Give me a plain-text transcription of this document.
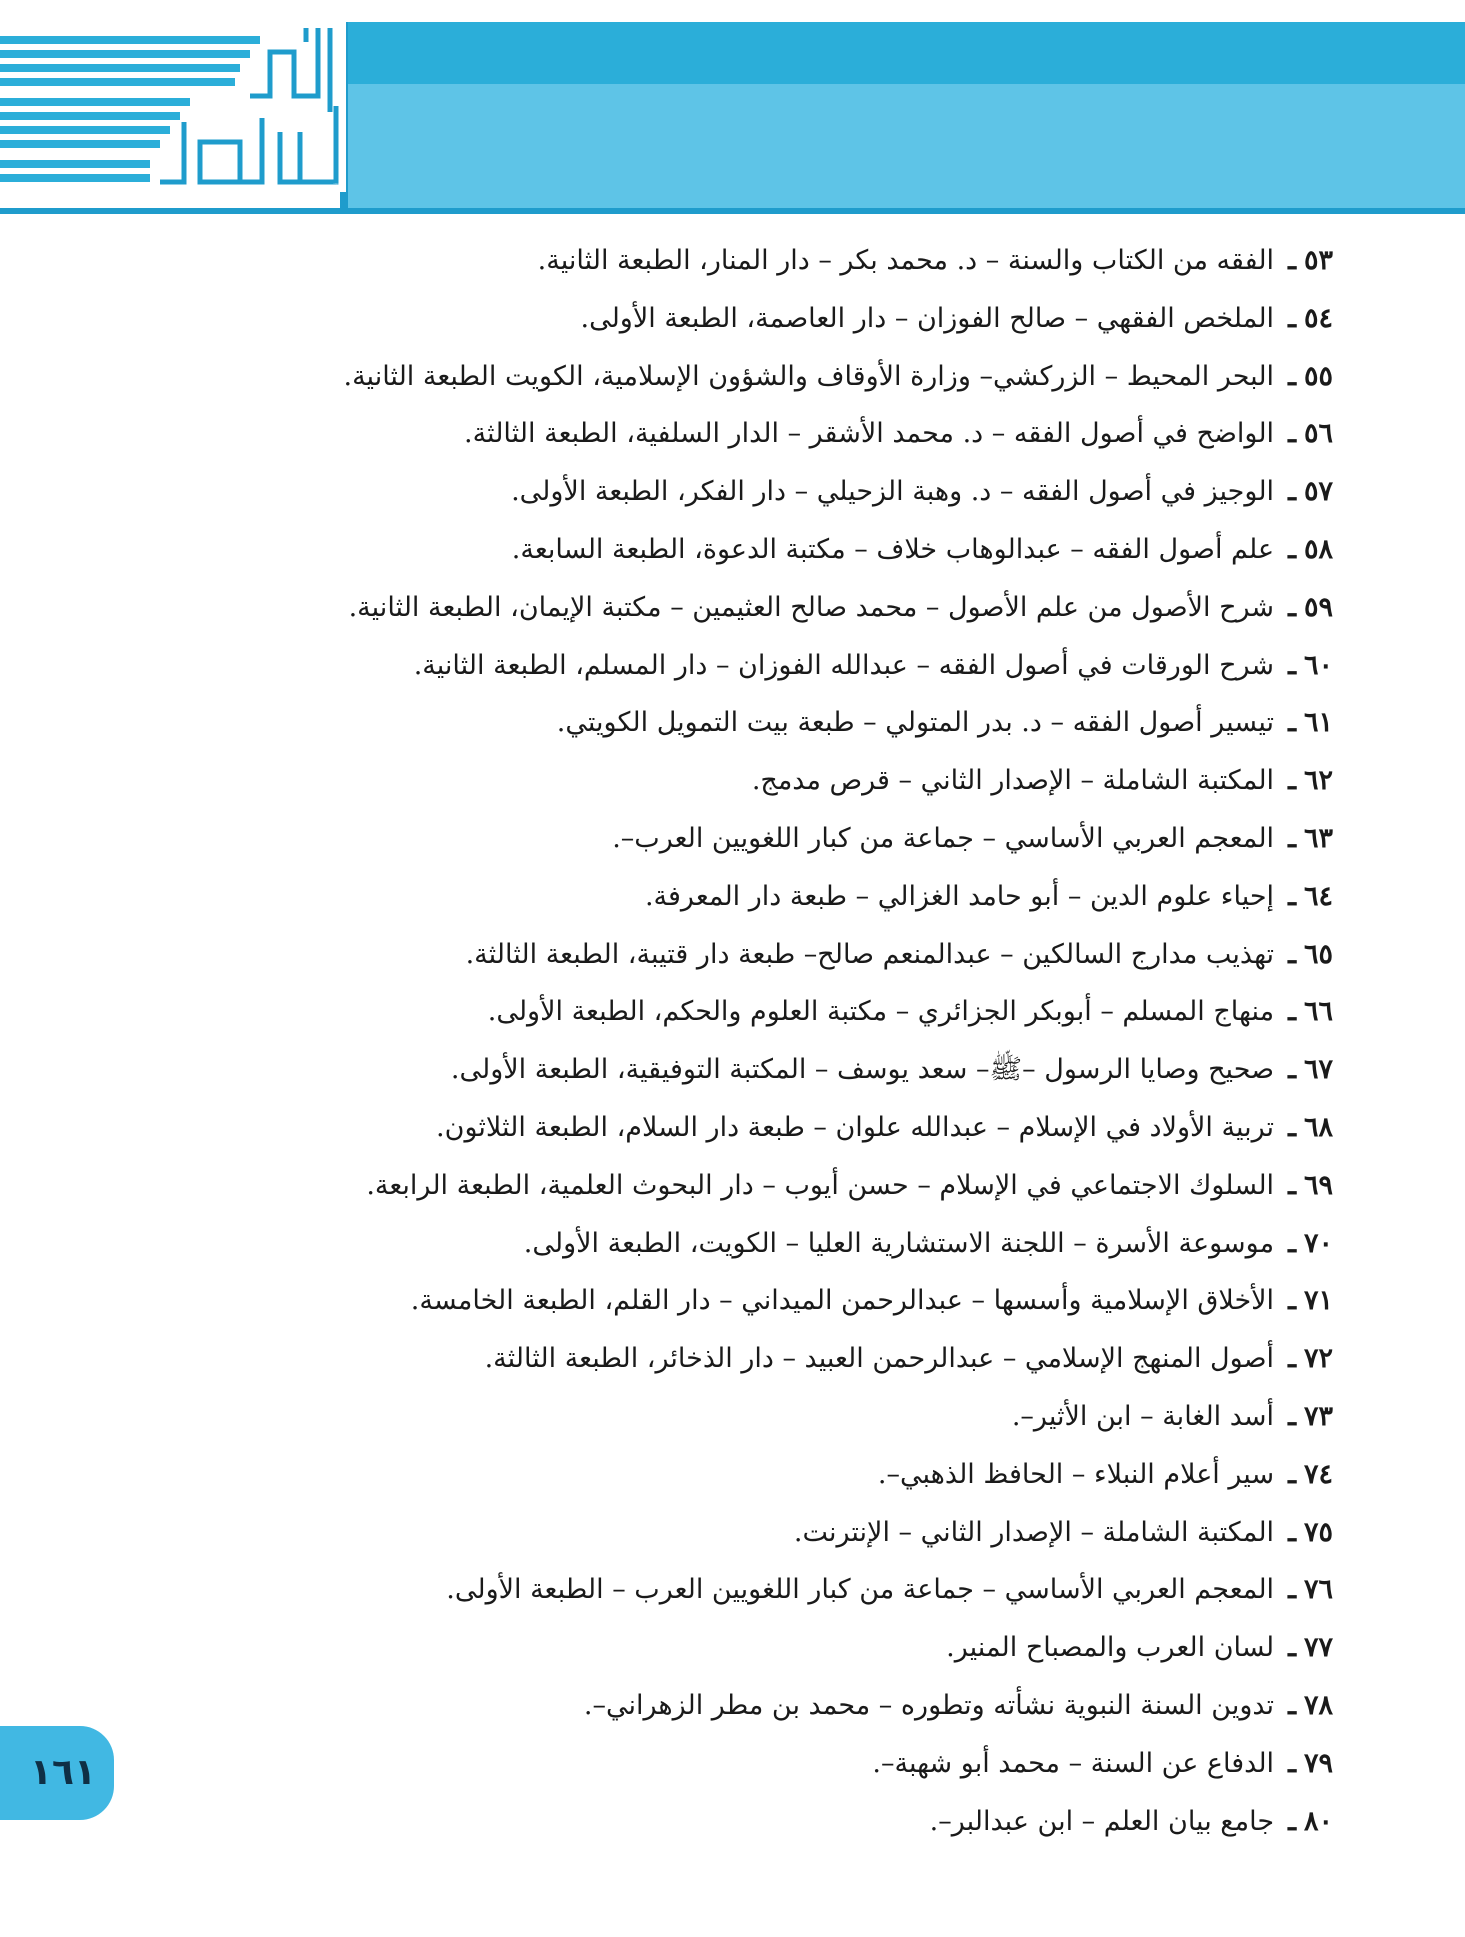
التربية الإسلامية
٥٣ـالفقه من الكتاب والسنة – د. محمد بكر – دار المنار، الطبعة الثانية.
٥٤ـالملخص الفقهي – صالح الفوزان – دار العاصمة، الطبعة الأولى.
٥٥ـالبحر المحيط – الزركشي– وزارة الأوقاف والشؤون الإسلامية، الكويت الطبعة الثانية.
٥٦ـالواضح في أصول الفقه – د. محمد الأشقر – الدار السلفية، الطبعة الثالثة.
٥٧ـالوجيز في أصول الفقه – د. وهبة الزحيلي – دار الفكر، الطبعة الأولى.
٥٨ـعلم أصول الفقه – عبدالوهاب خلاف – مكتبة الدعوة، الطبعة السابعة.
٥٩ـشرح الأصول من علم الأصول – محمد صالح العثيمين – مكتبة الإيمان، الطبعة الثانية.
٦٠ـشرح الورقات في أصول الفقه – عبدالله الفوزان – دار المسلم، الطبعة الثانية.
٦١ـتيسير أصول الفقه – د. بدر المتولي – طبعة بيت التمويل الكويتي.
٦٢ـالمكتبة الشاملة – الإصدار الثاني – قرص مدمج.
٦٣ـالمعجم العربي الأساسي – جماعة من كبار اللغويين العرب–.
٦٤ـإحياء علوم الدين – أبو حامد الغزالي – طبعة دار المعرفة.
٦٥ـتهذيب مدارج السالكين – عبدالمنعم صالح– طبعة دار قتيبة، الطبعة الثالثة.
٦٦ـمنهاج المسلم – أبوبكر الجزائري – مكتبة العلوم والحكم، الطبعة الأولى.
٦٧ـصحيح وصايا الرسول –ﷺ– سعد يوسف – المكتبة التوفيقية، الطبعة الأولى.
٦٨ـتربية الأولاد في الإسلام – عبدالله علوان – طبعة دار السلام، الطبعة الثلاثون.
٦٩ـالسلوك الاجتماعي في الإسلام – حسن أيوب – دار البحوث العلمية، الطبعة الرابعة.
٧٠ـموسوعة الأسرة – اللجنة الاستشارية العليا – الكويت، الطبعة الأولى.
٧١ـالأخلاق الإسلامية وأسسها – عبدالرحمن الميداني – دار القلم، الطبعة الخامسة.
٧٢ـأصول المنهج الإسلامي – عبدالرحمن العبيد – دار الذخائر، الطبعة الثالثة.
٧٣ـأسد الغابة – ابن الأثير–.
٧٤ـسير أعلام النبلاء – الحافظ الذهبي–.
٧٥ـالمكتبة الشاملة – الإصدار الثاني – الإنترنت.
٧٦ـالمعجم العربي الأساسي – جماعة من كبار اللغويين العرب – الطبعة الأولى.
٧٧ـلسان العرب والمصباح المنير.
٧٨ـتدوين السنة النبوية نشأته وتطوره – محمد بن مطر الزهراني–.
٧٩ـالدفاع عن السنة – محمد أبو شهبة–.
٨٠ـجامع بيان العلم – ابن عبدالبر–.
١٦١
